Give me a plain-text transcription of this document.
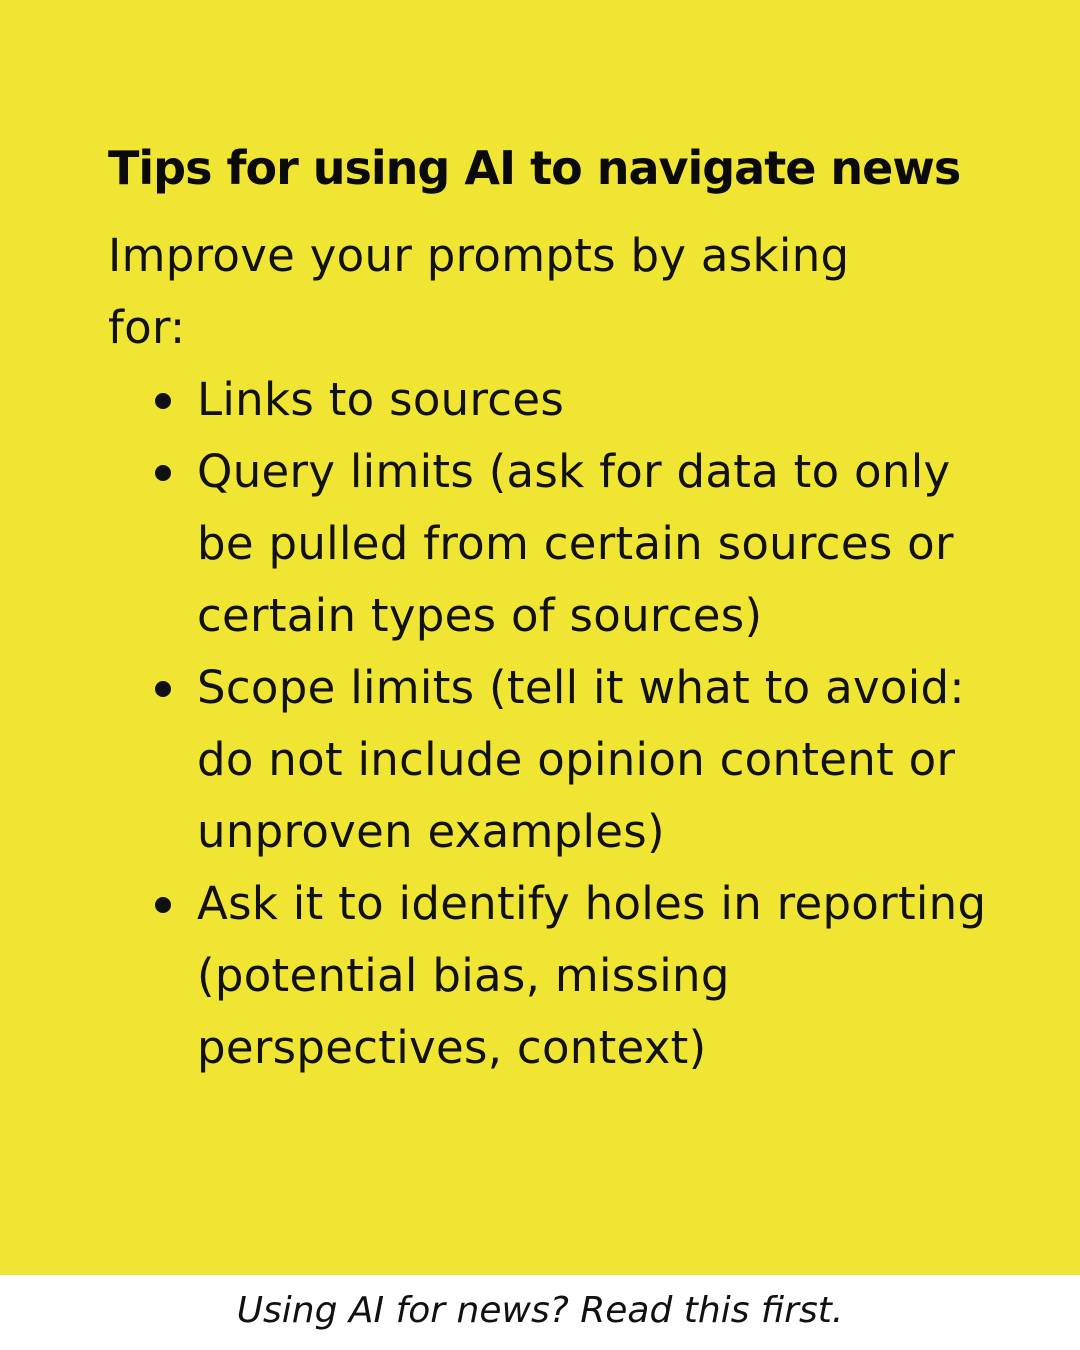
Tips for using AI to navigate news

Improve your prompts by asking for:

Links to sources
Query limits (ask for data to only be pulled from certain sources or certain types of sources)
Scope limits (tell it what to avoid: do not include opinion content or unproven examples)
Ask it to identify holes in reporting (potential bias, missing perspectives, context)
Using AI for news? Read this first.
